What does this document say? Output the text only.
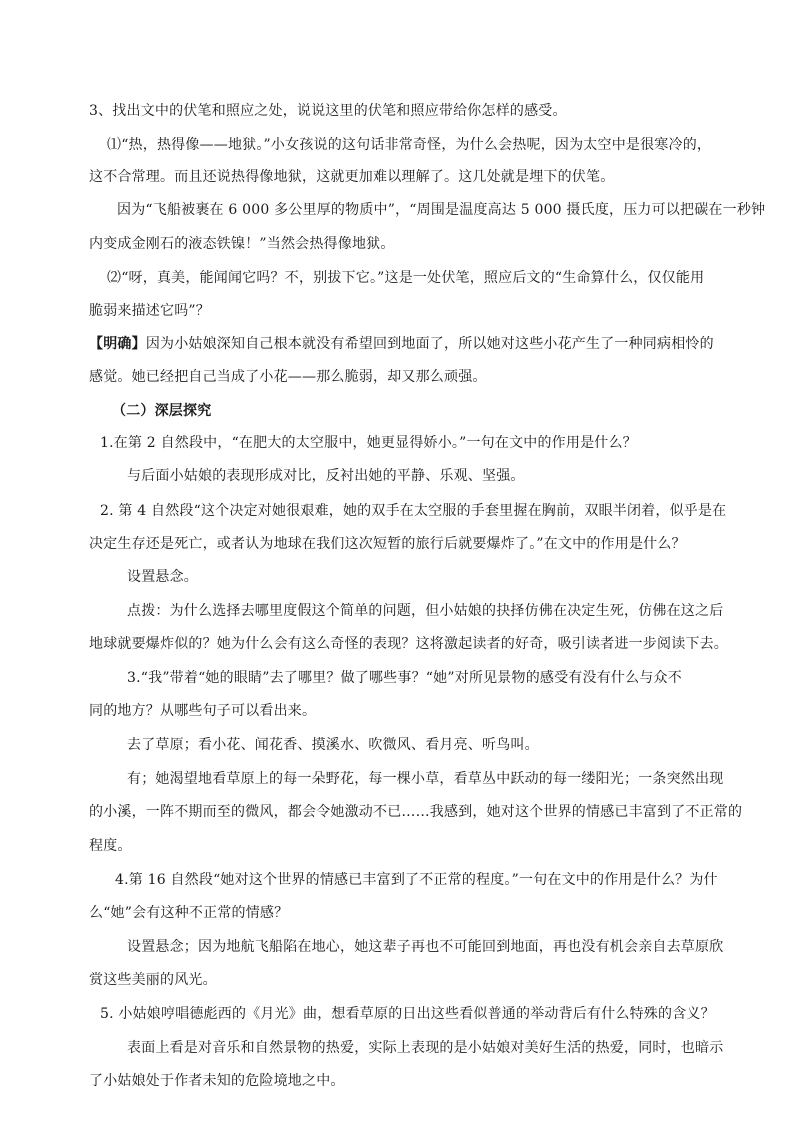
3、找出文中的伏笔和照应之处，说说这里的伏笔和照应带给你怎样的感受。
⑴“热，热得像——地狱。”小女孩说的这句话非常奇怪，为什么会热呢，因为太空中是很寒冷的，
这不合常理。而且还说热得像地狱，这就更加难以理解了。这几处就是埋下的伏笔。
因为“飞船被裹在 6 000 多公里厚的物质中”，“周围是温度高达 5 000 摄氏度，压力可以把碳在一秒钟
内变成金刚石的液态铁镍！”当然会热得像地狱。
⑵“呀，真美，能闻闻它吗？不，别拔下它。”这是一处伏笔，照应后文的“生命算什么，仅仅能用
脆弱来描述它吗”？
【明确】因为小姑娘深知自己根本就没有希望回到地面了，所以她对这些小花产生了一种同病相怜的
感觉。她已经把自己当成了小花——那么脆弱，却又那么顽强。
（二）深层探究
1.在第 2 自然段中，“在肥大的太空服中，她更显得娇小。”一句在文中的作用是什么？
与后面小姑娘的表现形成对比，反衬出她的平静、乐观、坚强。
2. 第 4 自然段“这个决定对她很艰难，她的双手在太空服的手套里握在胸前，双眼半闭着，似乎是在
决定生存还是死亡，或者认为地球在我们这次短暂的旅行后就要爆炸了。”在文中的作用是什么？
设置悬念。
点拨：为什么选择去哪里度假这个简单的问题，但小姑娘的抉择仿佛在决定生死，仿佛在这之后
地球就要爆炸似的？她为什么会有这么奇怪的表现？这将激起读者的好奇，吸引读者进一步阅读下去。
3.“我”带着“她的眼睛”去了哪里？做了哪些事？“她”对所见景物的感受有没有什么与众不
同的地方？从哪些句子可以看出来。
去了草原；看小花、闻花香、摸溪水、吹微风、看月亮、听鸟叫。
有；她渴望地看草原上的每一朵野花，每一棵小草，看草丛中跃动的每一缕阳光；一条突然出现
的小溪，一阵不期而至的微风，都会令她激动不已……我感到，她对这个世界的情感已丰富到了不正常的
程度。
4.第 16 自然段“她对这个世界的情感已丰富到了不正常的程度。”一句在文中的作用是什么？为什
么“她”会有这种不正常的情感？
设置悬念；因为地航飞船陷在地心，她这辈子再也不可能回到地面，再也没有机会亲自去草原欣
赏这些美丽的风光。
5. 小姑娘哼唱德彪西的《月光》曲，想看草原的日出这些看似普通的举动背后有什么特殊的含义？
表面上看是对音乐和自然景物的热爱，实际上表现的是小姑娘对美好生活的热爱，同时，也暗示
了小姑娘处于作者未知的危险境地之中。
